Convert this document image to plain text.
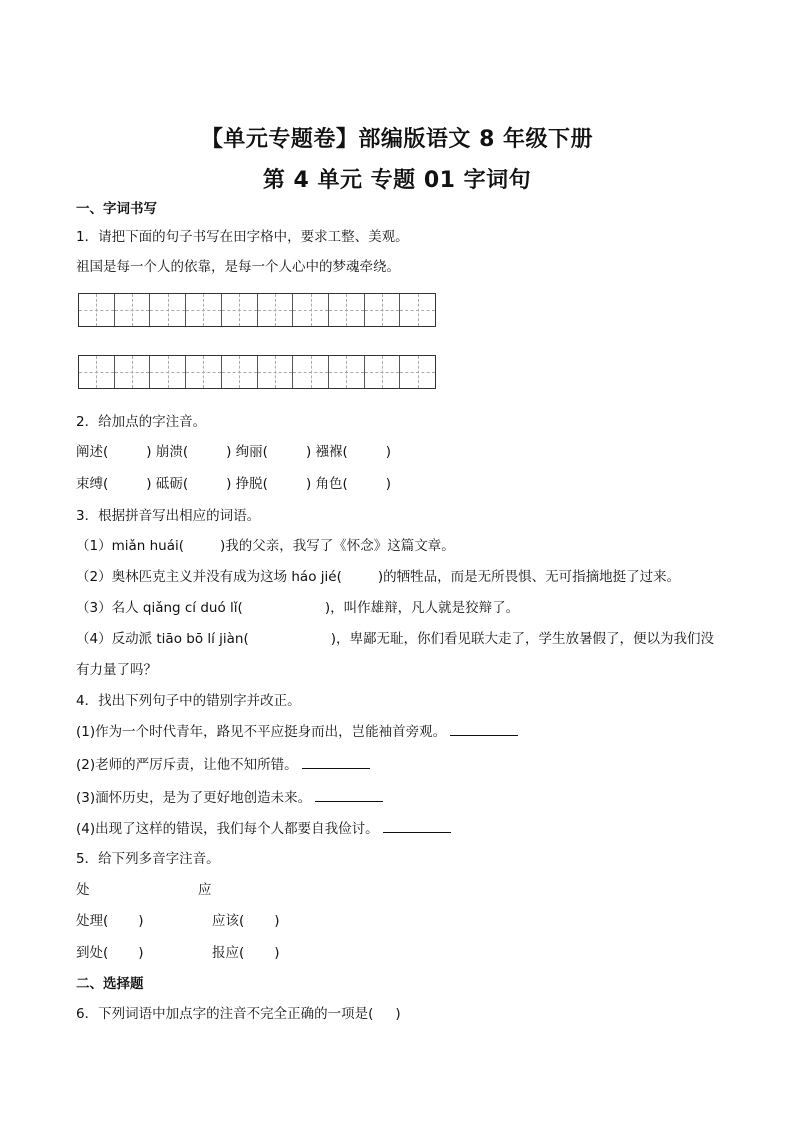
【单元专题卷】部编版语文 8 年级下册
第 4 单元 专题 01 字词句
一、字词书写
1．请把下面的句子书写在田字格中，要求工整、美观。
祖国是每一个人的依靠，是每一个人心中的梦魂牵绕。
2．给加点的字注音。
阐述(	) 崩溃(	) 绚丽(	) 襁褓(	)
束缚(	) 砥砺(	) 挣脱(	) 角色(	)
3．根据拼音写出相应的词语。
（1）miǎn huái(	)我的父亲，我写了《怀念》这篇文章。
（2）奥林匹克主义并没有成为这场 háo jié(	)的牺牲品，而是无所畏惧、无可指摘地挺了过来。
（3）名人 qiǎng cí duó lǐ(	)，叫作雄辩，凡人就是狡辩了。
（4）反动派 tiāo bō lí jiàn(	)，卑鄙无耻，你们看见联大走了，学生放暑假了，便以为我们没
有力量了吗？
4．找出下列句子中的错别字并改正。
(1)作为一个时代青年，路见不平应挺身而出，岂能袖首旁观。
(2)老师的严厉斥责，让他不知所错。
(3)湎怀历史，是为了更好地创造未来。
(4)出现了这样的错误，我们每个人都要自我俭讨。
5．给下列多音字注音。
处	应
处理( )	应该( )
到处( )	报应( )
二、选择题
6．下列词语中加点字的注音不完全正确的一项是( )
